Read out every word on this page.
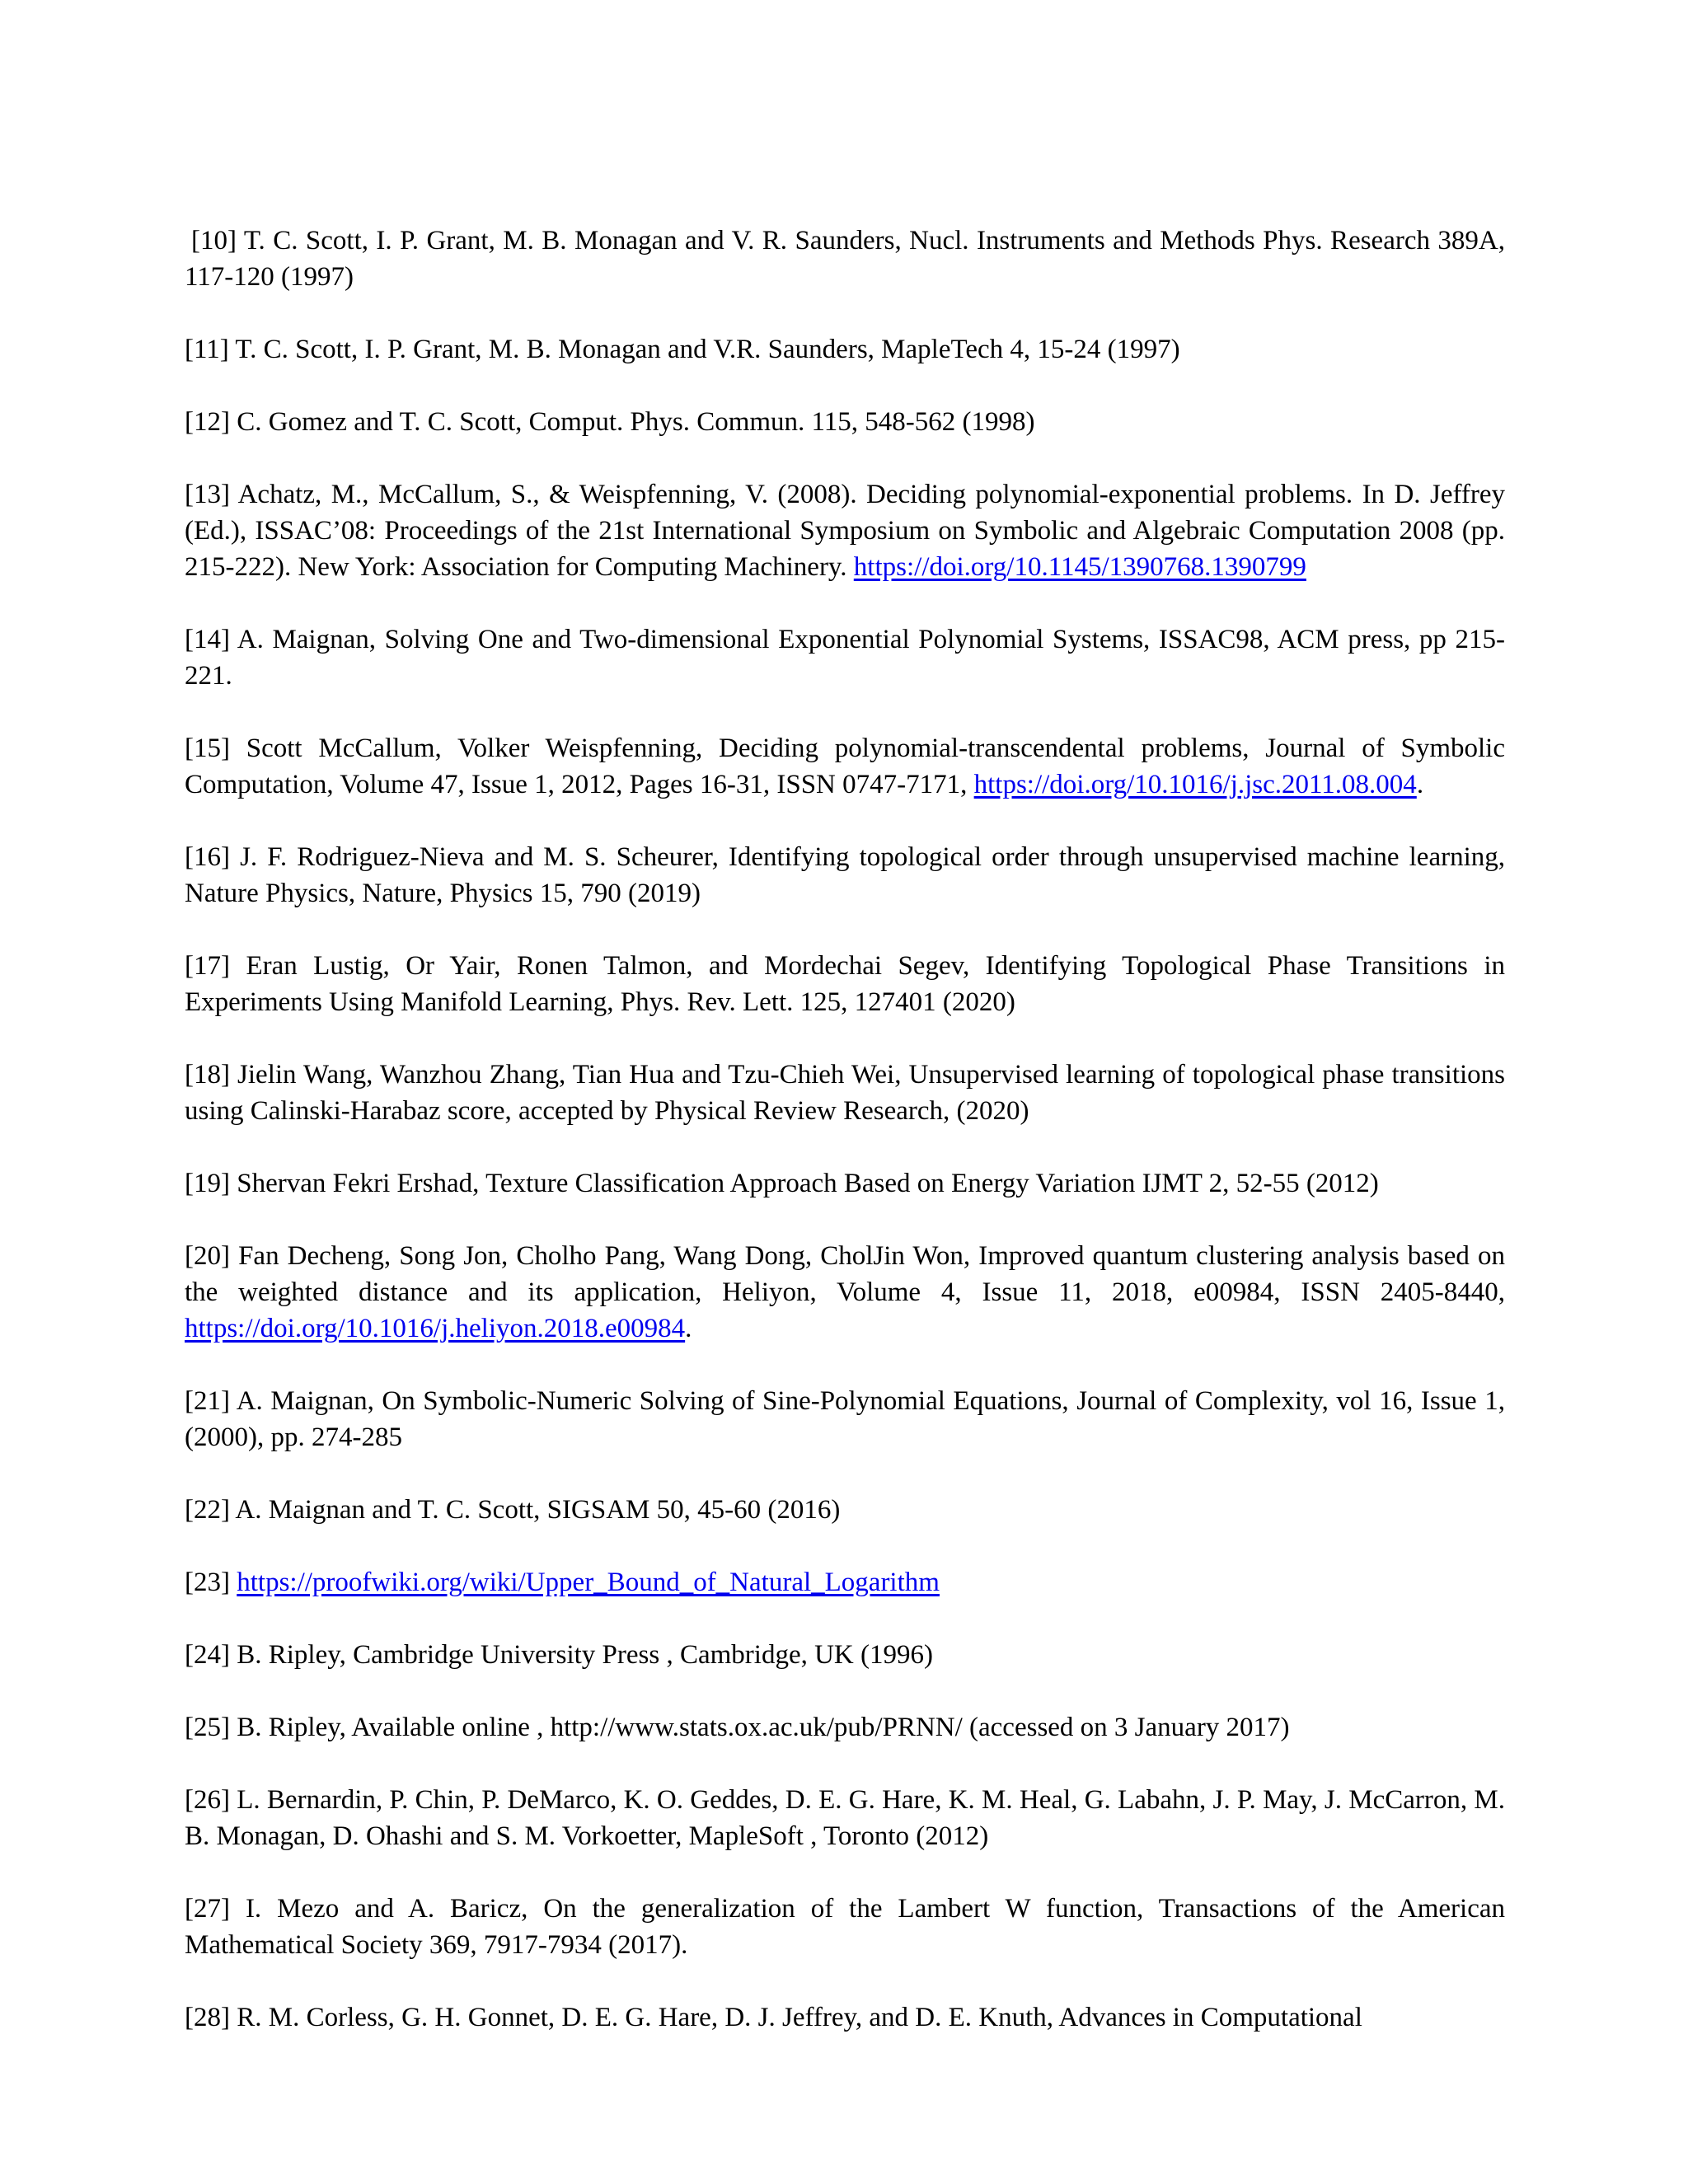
[10] T. C. Scott, I. P. Grant, M. B. Monagan and V. R. Saunders, Nucl. Instruments and Methods Phys. Research 389A, 117-120 (1997)

[11] T. C. Scott, I. P. Grant, M. B. Monagan and V.R. Saunders, MapleTech 4, 15-24 (1997)

[12] C. Gomez and T. C. Scott, Comput. Phys. Commun. 115, 548-562 (1998)

[13] Achatz, M., McCallum, S., & Weispfenning, V. (2008). Deciding polynomial-exponential problems. In D. Jeffrey (Ed.), ISSAC’08: Proceedings of the 21st International Symposium on Symbolic and Algebraic Computation 2008 (pp. 215-222). New York: Association for Computing Machinery. https://doi.org/10.1145/1390768.1390799

[14] A. Maignan, Solving One and Two-dimensional Exponential Polynomial Systems, ISSAC98, ACM press, pp 215-221.

[15] Scott McCallum, Volker Weispfenning, Deciding polynomial-transcendental problems, Journal of Symbolic Computation, Volume 47, Issue 1, 2012, Pages 16-31, ISSN 0747-7171, https://doi.org/10.1016/j.jsc.2011.08.004.

[16] J. F. Rodriguez-Nieva and M. S. Scheurer, Identifying topological order through unsupervised machine learning, Nature Physics, Nature, Physics 15, 790 (2019)

[17] Eran Lustig, Or Yair, Ronen Talmon, and Mordechai Segev, Identifying Topological Phase Transitions in Experiments Using Manifold Learning, Phys. Rev. Lett. 125, 127401 (2020)

[18] Jielin Wang, Wanzhou Zhang, Tian Hua and Tzu-Chieh Wei, Unsupervised learning of topological phase transitions using Calinski-Harabaz score, accepted by Physical Review Research, (2020)

[19] Shervan Fekri Ershad, Texture Classification Approach Based on Energy Variation IJMT 2, 52-55 (2012)

[20] Fan Decheng, Song Jon, Cholho Pang, Wang Dong, CholJin Won, Improved quantum clustering analysis based on the weighted distance and its application, Heliyon, Volume 4, Issue 11, 2018, e00984, ISSN 2405-8440, https://doi.org/10.1016/j.heliyon.2018.e00984.

[21] A. Maignan, On Symbolic-Numeric Solving of Sine-Polynomial Equations, Journal of Complexity, vol 16, Issue 1, (2000), pp. 274-285

[22] A. Maignan and T. C. Scott, SIGSAM 50, 45-60 (2016)

[23] https://proofwiki.org/wiki/Upper_Bound_of_Natural_Logarithm

[24] B. Ripley, Cambridge University Press , Cambridge, UK (1996)

[25] B. Ripley, Available online , http://www.stats.ox.ac.uk/pub/PRNN/ (accessed on 3 January 2017)

[26] L. Bernardin, P. Chin, P. DeMarco, K. O. Geddes, D. E. G. Hare, K. M. Heal, G. Labahn, J. P. May, J. McCarron, M. B. Monagan, D. Ohashi and S. M. Vorkoetter, MapleSoft , Toronto (2012)

[27] I. Mezo and A. Baricz, On the generalization of the Lambert W function, Transactions of the American Mathematical Society 369, 7917-7934 (2017).

[28] R. M. Corless, G. H. Gonnet, D. E. G. Hare, D. J. Jeffrey, and D. E. Knuth, Advances in Computational
